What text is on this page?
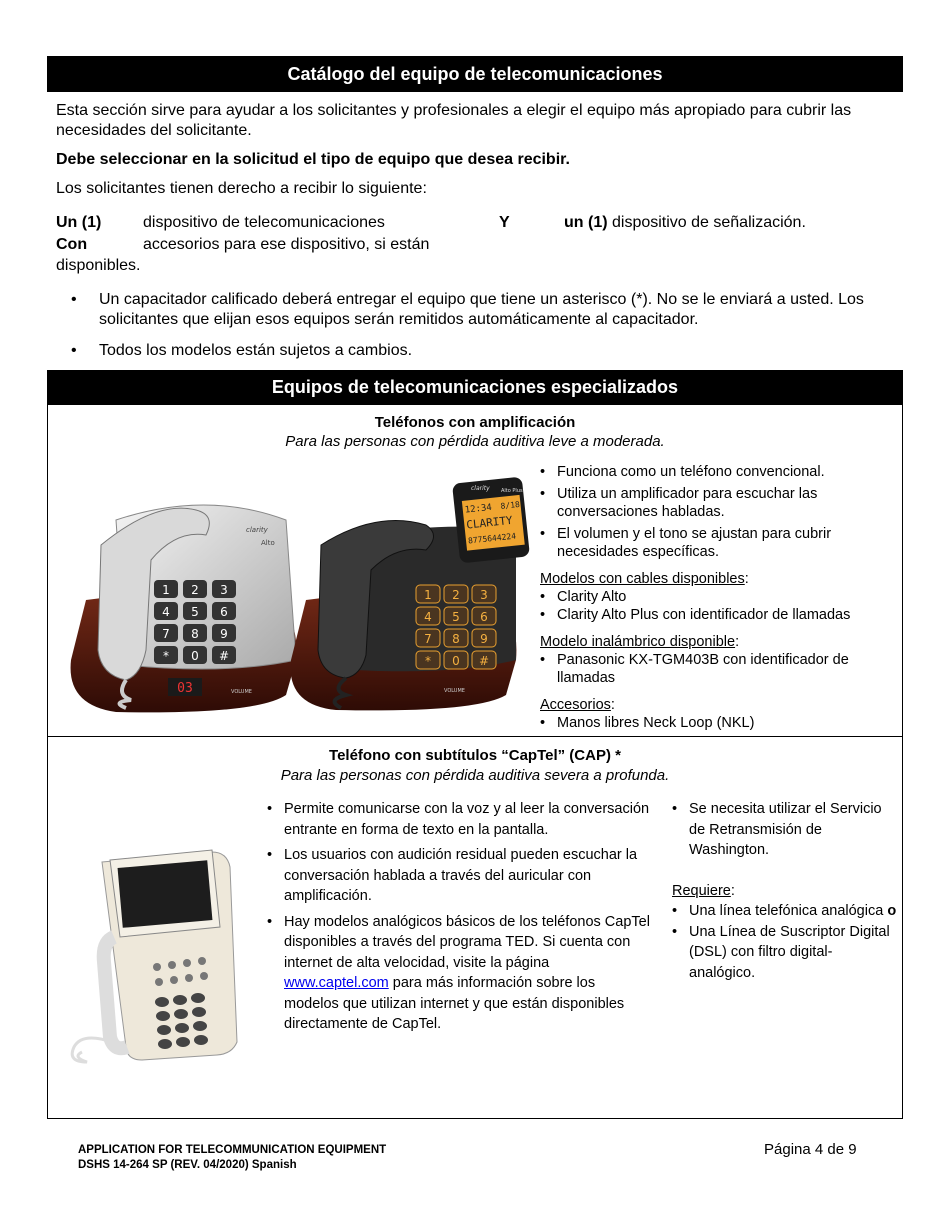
Catálogo del equipo de telecomunicaciones
Esta sección sirve para ayudar a los solicitantes y profesionales a elegir el equipo más apropiado para cubrir las necesidades del solicitante.
Debe seleccionar en la solicitud el tipo de equipo que desea recibir.
Los solicitantes tienen derecho a recibir lo siguiente:
Un (1)	dispositivo de telecomunicaciones	Y	un (1) dispositivo de señalización.
Con	accesorios para ese dispositivo, si están
disponibles.
• Un capacitador calificado deberá entregar el equipo que tiene un asterisco (*). No se le enviará a usted. Los solicitantes que elijan esos equipos serán remitidos automáticamente al capacitador.
• Todos los modelos están sujetos a cambios.
Equipos de telecomunicaciones especializados
Teléfonos con amplificación
Para las personas con pérdida auditiva leve a moderada.
1 2 3
4 5 6
7 8 9
* 0 #
clarity
Alto
03	VOLUME
12:34 8/18
CLARITY
8775644224
clarity Alto Plus
1 2 3
4 5 6
7 8 9
* 0 #
VOLUME
• Funciona como un teléfono convencional.
• Utiliza un amplificador para escuchar las conversaciones habladas.
• El volumen y el tono se ajustan para cubrir necesidades específicas.
Modelos con cables disponibles:
• Clarity Alto
• Clarity Alto Plus con identificador de llamadas
Modelo inalámbrico disponible:
• Panasonic KX-TGM403B con identificador de llamadas
Accesorios:
• Manos libres Neck Loop (NKL)
Teléfono con subtítulos “CapTel” (CAP) *
Para las personas con pérdida auditiva severa a profunda.
• Permite comunicarse con la voz y al leer la conversación entrante en forma de texto en la pantalla.
• Los usuarios con audición residual pueden escuchar la conversación hablada a través del auricular con amplificación.
• Hay modelos analógicos básicos de los teléfonos CapTel disponibles a través del programa TED. Si cuenta con internet de alta velocidad, visite la página www.captel.com para más información sobre los modelos que utilizan internet y que están disponibles directamente de CapTel.
• Se necesita utilizar el Servicio de Retransmisión de Washington.
Requiere:
• Una línea telefónica analógica o
• Una Línea de Suscriptor Digital (DSL) con filtro digital-analógico.
APPLICATION FOR TELECOMMUNICATION EQUIPMENT
DSHS 14-264 SP (REV. 04/2020) Spanish
Página 4 de 9
